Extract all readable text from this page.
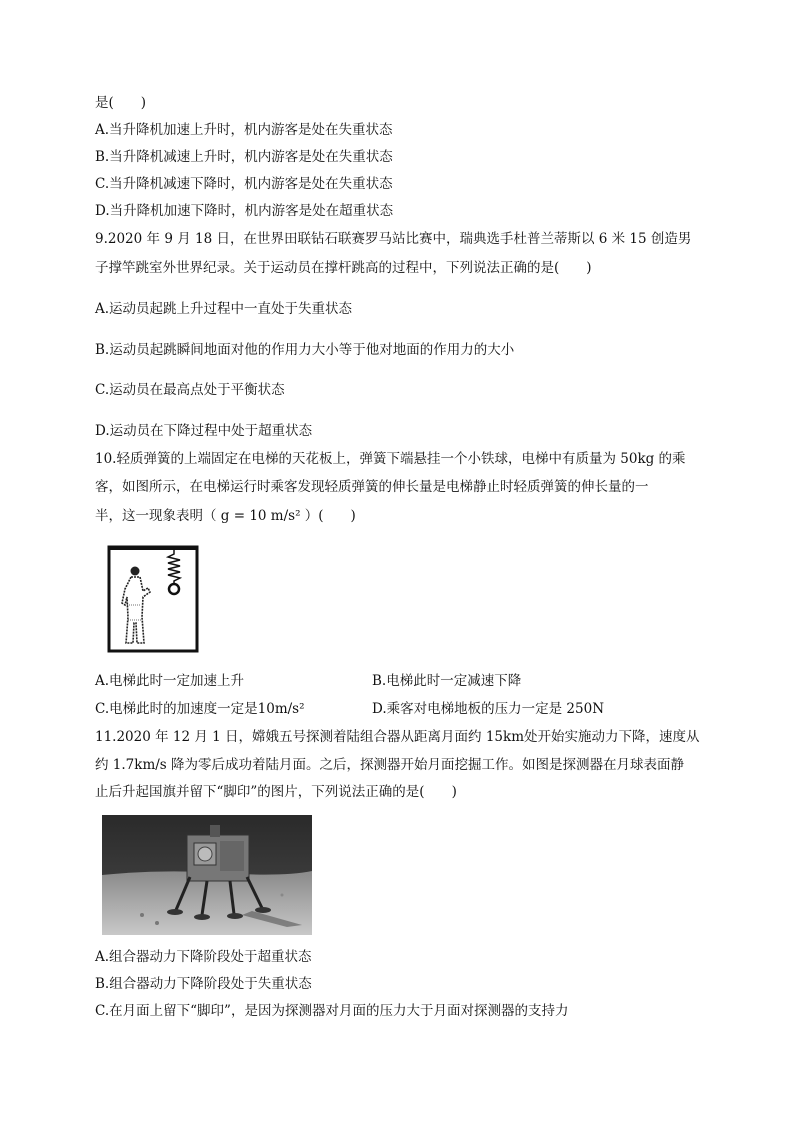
是(　　)
A.当升降机加速上升时，机内游客是处在失重状态
B.当升降机减速上升时，机内游客是处在失重状态
C.当升降机减速下降时，机内游客是处在失重状态
D.当升降机加速下降时，机内游客是处在超重状态
9.2020 年 9 月 18 日，在世界田联钻石联赛罗马站比赛中，瑞典选手杜普兰蒂斯以 6 米 15 创造男
子撑竿跳室外世界纪录。关于运动员在撑杆跳高的过程中，下列说法正确的是(　　)
A.运动员起跳上升过程中一直处于失重状态
B.运动员起跳瞬间地面对他的作用力大小等于他对地面的作用力的大小
C.运动员在最高点处于平衡状态
D.运动员在下降过程中处于超重状态
10.轻质弹簧的上端固定在电梯的天花板上，弹簧下端悬挂一个小铁球，电梯中有质量为 50kg 的乘
客，如图所示，在电梯运行时乘客发现轻质弹簧的伸长量是电梯静止时轻质弹簧的伸长量的一
半，这一现象表明（ g = 10 m/s² ）(　　)
A.电梯此时一定加速上升	B.电梯此时一定减速下降
C.电梯此时的加速度一定是10m/s²	D.乘客对电梯地板的压力一定是 250N
11.2020 年 12 月 1 日，嫦娥五号探测着陆组合器从距离月面约 15km处开始实施动力下降，速度从
约 1.7km/s 降为零后成功着陆月面。之后，探测器开始月面挖掘工作。如图是探测器在月球表面静
止后升起国旗并留下“脚印”的图片，下列说法正确的是(　　)
A.组合器动力下降阶段处于超重状态
B.组合器动力下降阶段处于失重状态
C.在月面上留下“脚印”，是因为探测器对月面的压力大于月面对探测器的支持力
